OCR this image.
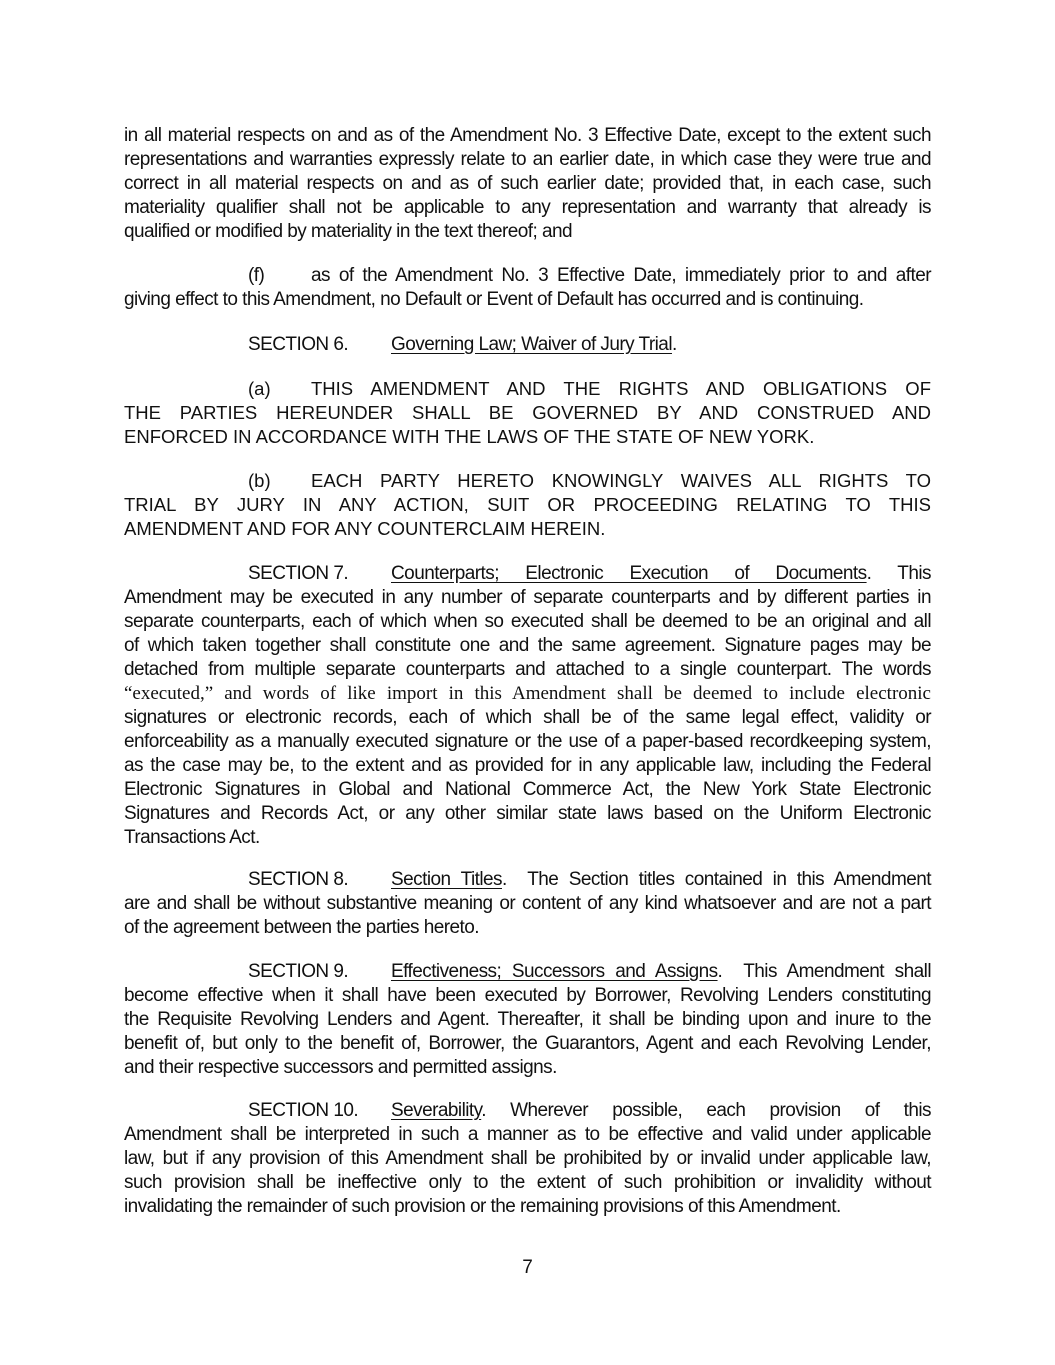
in all material respects on and as of the Amendment No. 3 Effective Date, except to the extent such
representations and warranties expressly relate to an earlier date, in which case they were true and
correct in all material respects on and as of such earlier date; provided that, in each case, such
materiality qualifier shall not be applicable to any representation and warranty that already is
qualified or modified by materiality in the text thereof; and
(f) as of the Amendment No. 3 Effective Date, immediately prior to and after
giving effect to this Amendment, no Default or Event of Default has occurred and is continuing.
SECTION 6. Governing Law; Waiver of Jury Trial.
(a) THIS AMENDMENT AND THE RIGHTS AND OBLIGATIONS OF
THE PARTIES HEREUNDER SHALL BE GOVERNED BY AND CONSTRUED AND
ENFORCED IN ACCORDANCE WITH THE LAWS OF THE STATE OF NEW YORK.
(b) EACH PARTY HERETO KNOWINGLY WAIVES ALL RIGHTS TO
TRIAL BY JURY IN ANY ACTION, SUIT OR PROCEEDING RELATING TO THIS
AMENDMENT AND FOR ANY COUNTERCLAIM HEREIN.
SECTION 7. Counterparts; Electronic Execution of Documents. This
Amendment may be executed in any number of separate counterparts and by different parties in
separate counterparts, each of which when so executed shall be deemed to be an original and all
of which taken together shall constitute one and the same agreement. Signature pages may be
detached from multiple separate counterparts and attached to a single counterpart. The words
“executed,” and words of like import in this Amendment shall be deemed to include electronic
signatures or electronic records, each of which shall be of the same legal effect, validity or
enforceability as a manually executed signature or the use of a paper-based recordkeeping system,
as the case may be, to the extent and as provided for in any applicable law, including the Federal
Electronic Signatures in Global and National Commerce Act, the New York State Electronic
Signatures and Records Act, or any other similar state laws based on the Uniform Electronic
Transactions Act.
SECTION 8. Section Titles. The Section titles contained in this Amendment
are and shall be without substantive meaning or content of any kind whatsoever and are not a part
of the agreement between the parties hereto.
SECTION 9. Effectiveness; Successors and Assigns. This Amendment shall
become effective when it shall have been executed by Borrower, Revolving Lenders constituting
the Requisite Revolving Lenders and Agent. Thereafter, it shall be binding upon and inure to the
benefit of, but only to the benefit of, Borrower, the Guarantors, Agent and each Revolving Lender,
and their respective successors and permitted assigns.
SECTION 10. Severability. Wherever possible, each provision of this
Amendment shall be interpreted in such a manner as to be effective and valid under applicable
law, but if any provision of this Amendment shall be prohibited by or invalid under applicable law,
such provision shall be ineffective only to the extent of such prohibition or invalidity without
invalidating the remainder of such provision or the remaining provisions of this Amendment.
7
